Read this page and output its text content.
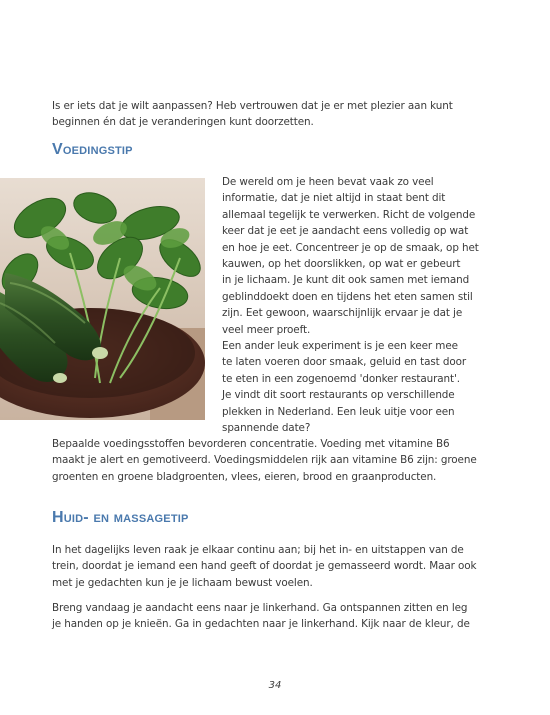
Is er iets dat je wilt aanpassen? Heb vertrouwen dat je er met plezier aan kunt
beginnen én dat je veranderingen kunt doorzetten.

Voedingstip

De wereld om je heen bevat vaak zo veel
informatie, dat je niet altijd in staat bent dit
allemaal tegelijk te verwerken. Richt de volgende
keer dat je eet je aandacht eens volledig op wat
en hoe je eet. Concentreer je op de smaak, op het
kauwen, op het doorslikken, op wat er gebeurt
in je lichaam. Je kunt dit ook samen met iemand
geblinddoekt doen en tijdens het eten samen stil
zijn. Eet gewoon, waarschijnlijk ervaar je dat je
veel meer proeft.

Een ander leuk experiment is je een keer mee
te laten voeren door smaak, geluid en tast door
te eten in een zogenoemd 'donker restaurant'.
Je vindt dit soort restaurants op verschillende
plekken in Nederland. Een leuk uitje voor een
spannende date?

Bepaalde voedingsstoffen bevorderen concentratie. Voeding met vitamine B6
maakt je alert en gemotiveerd. Voedingsmiddelen rijk aan vitamine B6 zijn: groene
groenten en groene bladgroenten, vlees, eieren, brood en graanproducten.

Huid- en massagetip

In het dagelijks leven raak je elkaar continu aan; bij het in- en uitstappen van de
trein, doordat je iemand een hand geeft of doordat je gemasseerd wordt. Maar ook
met je gedachten kun je je lichaam bewust voelen.

Breng vandaag je aandacht eens naar je linkerhand. Ga ontspannen zitten en leg
je handen op je knieën. Ga in gedachten naar je linkerhand. Kijk naar de kleur, de

34
